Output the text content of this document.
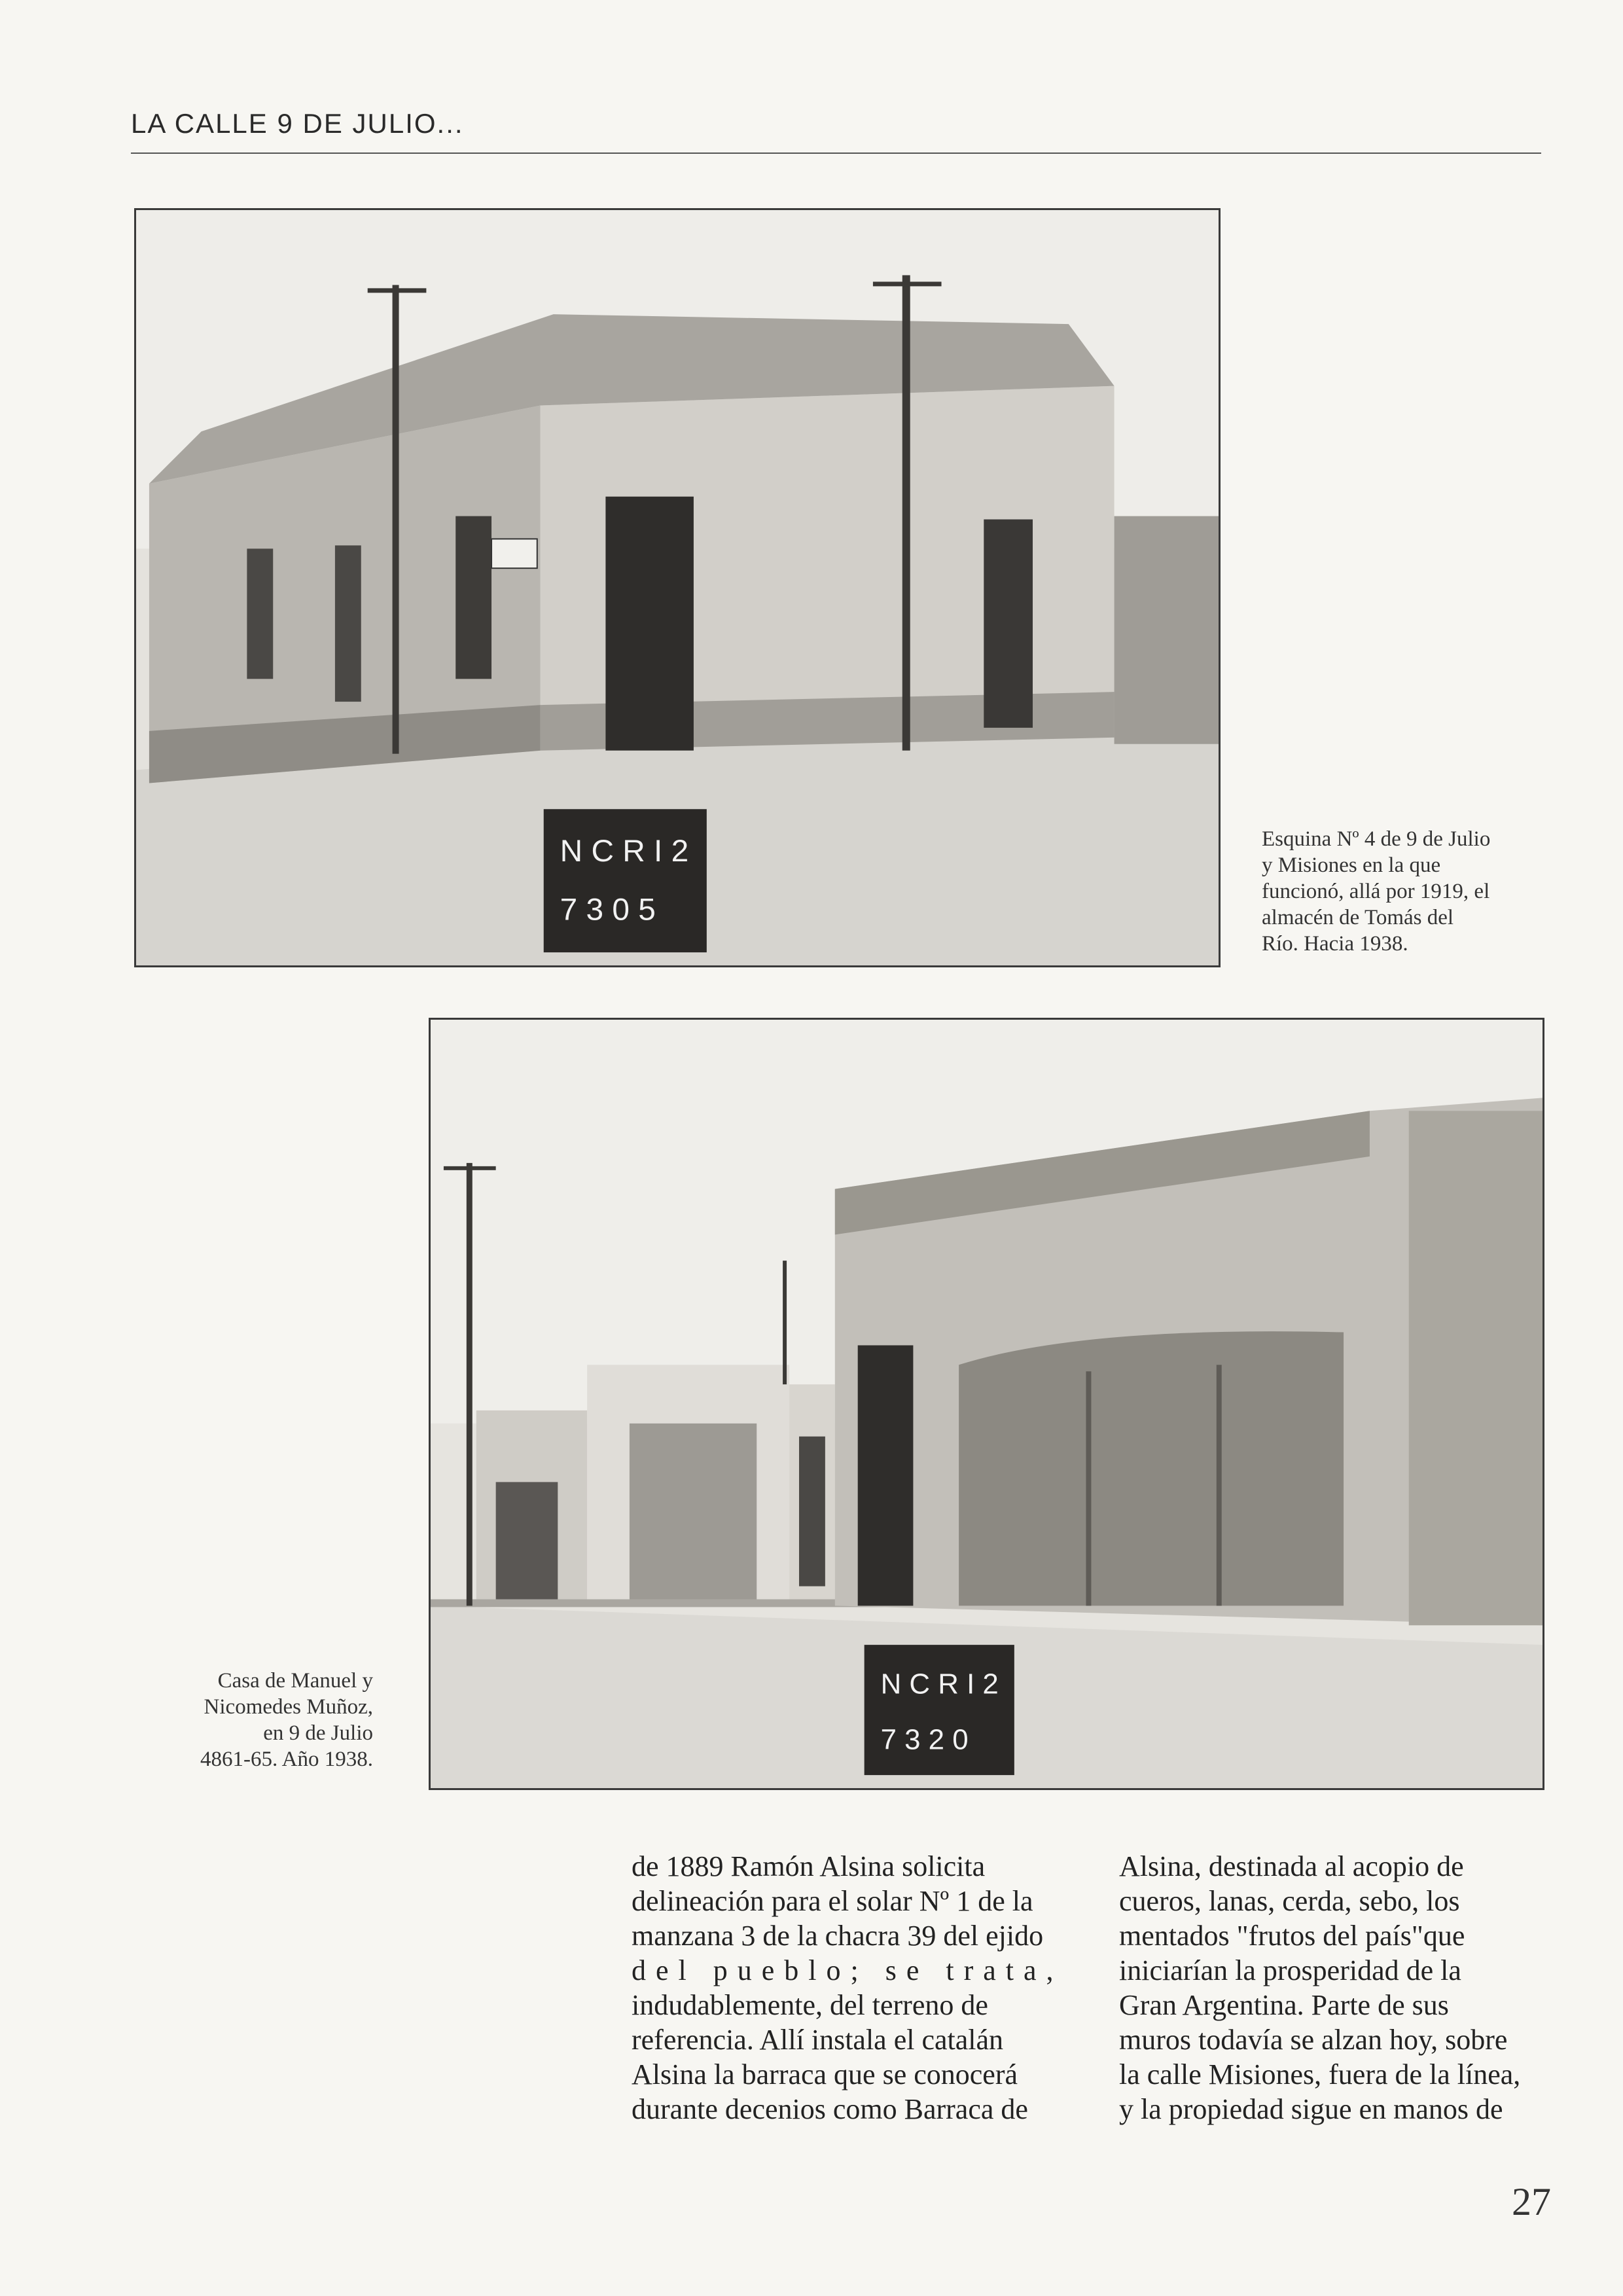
LA CALLE 9 DE JULIO...
N C R I 2
7 3 0 5
Esquina Nº 4 de 9 de Julio
y Misiones en la que
funcionó, allá por 1919, el
almacén de Tomás del
Río. Hacia 1938.
N C R I 2
7 3 2 0
Casa de Manuel y
Nicomedes Muñoz,
en 9 de Julio
4861-65. Año 1938.
de 1889 Ramón Alsina solicita
delineación para el solar Nº 1 de la
manzana 3 de la chacra 39 del ejido
del pueblo; se trata,
indudablemente, del terreno de
referencia. Allí instala el catalán
Alsina la barraca que se conocerá
durante decenios como Barraca de
Alsina, destinada al acopio de
cueros, lanas, cerda, sebo, los
mentados "frutos del país"que
iniciarían la prosperidad de la
Gran Argentina. Parte de sus
muros todavía se alzan hoy, sobre
la calle Misiones, fuera de la línea,
y la propiedad sigue en manos de
27
